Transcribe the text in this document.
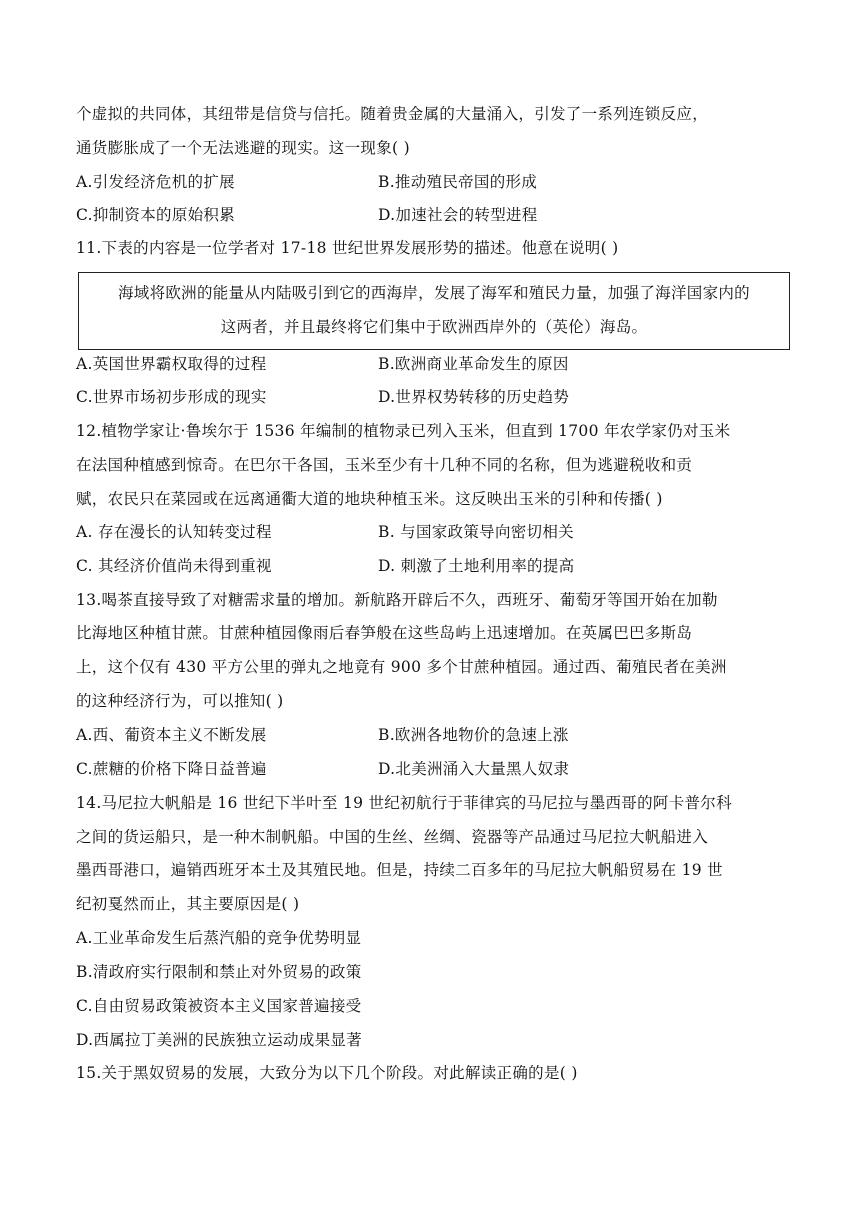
个虚拟的共同体，其纽带是信贷与信托。随着贵金属的大量涌入，引发了一系列连锁反应，
通货膨胀成了一个无法逃避的现实。这一现象( )
A.引发经济危机的扩展	B.推动殖民帝国的形成
C.抑制资本的原始积累	D.加速社会的转型进程
11.下表的内容是一位学者对 17-18 世纪世界发展形势的描述。他意在说明( )
海域将欧洲的能量从内陆吸引到它的西海岸，发展了海军和殖民力量，加强了海洋国家内的
这两者，并且最终将它们集中于欧洲西岸外的（英伦）海岛。
A.英国世界霸权取得的过程	B.欧洲商业革命发生的原因
C.世界市场初步形成的现实	D.世界权势转移的历史趋势
12.植物学家让·鲁埃尔于 1536 年编制的植物录已列入玉米，但直到 1700 年农学家仍对玉米
在法国种植感到惊奇。在巴尔干各国，玉米至少有十几种不同的名称，但为逃避税收和贡
赋，农民只在菜园或在远离通衢大道的地块种植玉米。这反映出玉米的引种和传播( )
A. 存在漫长的认知转变过程	B. 与国家政策导向密切相关
C. 其经济价值尚未得到重视	D. 刺激了土地利用率的提高
13.喝茶直接导致了对糖需求量的增加。新航路开辟后不久，西班牙、葡萄牙等国开始在加勒
比海地区种植甘蔗。甘蔗种植园像雨后春笋般在这些岛屿上迅速增加。在英属巴巴多斯岛
上，这个仅有 430 平方公里的弹丸之地竟有 900 多个甘蔗种植园。通过西、葡殖民者在美洲
的这种经济行为，可以推知( )
A.西、葡资本主义不断发展	B.欧洲各地物价的急速上涨
C.蔗糖的价格下降日益普遍	D.北美洲涌入大量黑人奴隶
14.马尼拉大帆船是 16 世纪下半叶至 19 世纪初航行于菲律宾的马尼拉与墨西哥的阿卡普尔科
之间的货运船只，是一种木制帆船。中国的生丝、丝绸、瓷器等产品通过马尼拉大帆船进入
墨西哥港口，遍销西班牙本土及其殖民地。但是，持续二百多年的马尼拉大帆船贸易在 19 世
纪初戛然而止，其主要原因是( )
A.工业革命发生后蒸汽船的竞争优势明显
B.清政府实行限制和禁止对外贸易的政策
C.自由贸易政策被资本主义国家普遍接受
D.西属拉丁美洲的民族独立运动成果显著
15.关于黑奴贸易的发展，大致分为以下几个阶段。对此解读正确的是( )
